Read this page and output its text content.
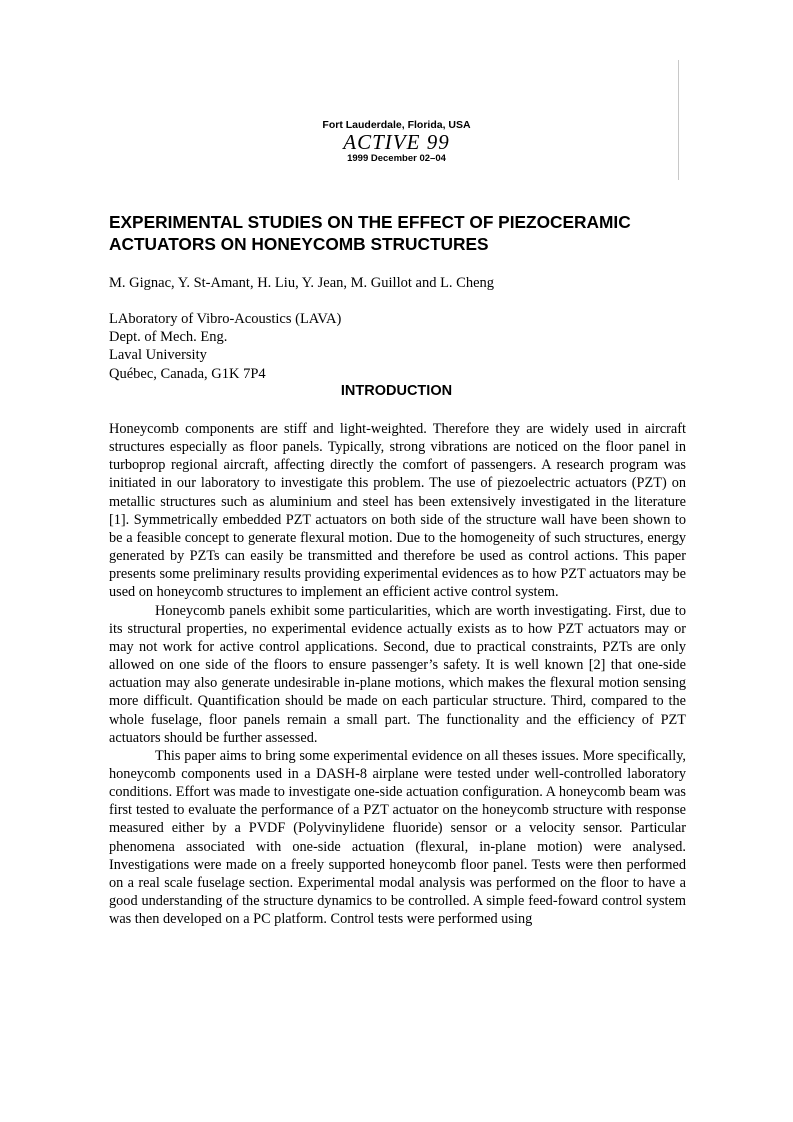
Fort Lauderdale, Florida, USA
ACTIVE 99
1999 December 02–04
EXPERIMENTAL STUDIES ON THE EFFECT OF PIEZOCERAMIC ACTUATORS ON HONEYCOMB STRUCTURES
M. Gignac, Y. St-Amant, H. Liu, Y. Jean, M. Guillot and L. Cheng
LAboratory of Vibro-Acoustics (LAVA)
Dept. of Mech. Eng.
Laval University
Québec, Canada, G1K 7P4
INTRODUCTION

Honeycomb components are stiff and light-weighted. Therefore they are widely used in aircraft structures especially as floor panels. Typically, strong vibrations are noticed on the floor panel in turboprop regional aircraft, affecting directly the comfort of passengers. A research program was initiated in our laboratory to investigate this problem. The use of piezoelectric actuators (PZT) on metallic structures such as aluminium and steel has been extensively investigated in the literature [1]. Symmetrically embedded PZT actuators on both side of the structure wall have been shown to be a feasible concept to generate flexural motion. Due to the homogeneity of such structures, energy generated by PZTs can easily be transmitted and therefore be used as control actions. This paper presents some preliminary results providing experimental evidences as to how PZT actuators may be used on honeycomb structures to implement an efficient active control system.

Honeycomb panels exhibit some particularities, which are worth investigating. First, due to its structural properties, no experimental evidence actually exists as to how PZT actuators may or may not work for active control applications. Second, due to practical constraints, PZTs are only allowed on one side of the floors to ensure passenger’s safety. It is well known [2] that one-side actuation may also generate undesirable in-plane motions, which makes the flexural motion sensing more difficult. Quantification should be made on each particular structure. Third, compared to the whole fuselage, floor panels remain a small part. The functionality and the efficiency of PZT actuators should be further assessed.

This paper aims to bring some experimental evidence on all theses issues. More specifically, honeycomb components used in a DASH-8 airplane were tested under well-controlled laboratory conditions. Effort was made to investigate one-side actuation configuration. A honeycomb beam was first tested to evaluate the performance of a PZT actuator on the honeycomb structure with response measured either by a PVDF (Polyvinylidene fluoride) sensor or a velocity sensor. Particular phenomena associated with one-side actuation (flexural, in-plane motion) were analysed. Investigations were made on a freely supported honeycomb floor panel. Tests were then performed on a real scale fuselage section. Experimental modal analysis was performed on the floor to have a good understanding of the structure dynamics to be controlled. A simple feed-foward control system was then developed on a PC platform. Control tests were performed using
